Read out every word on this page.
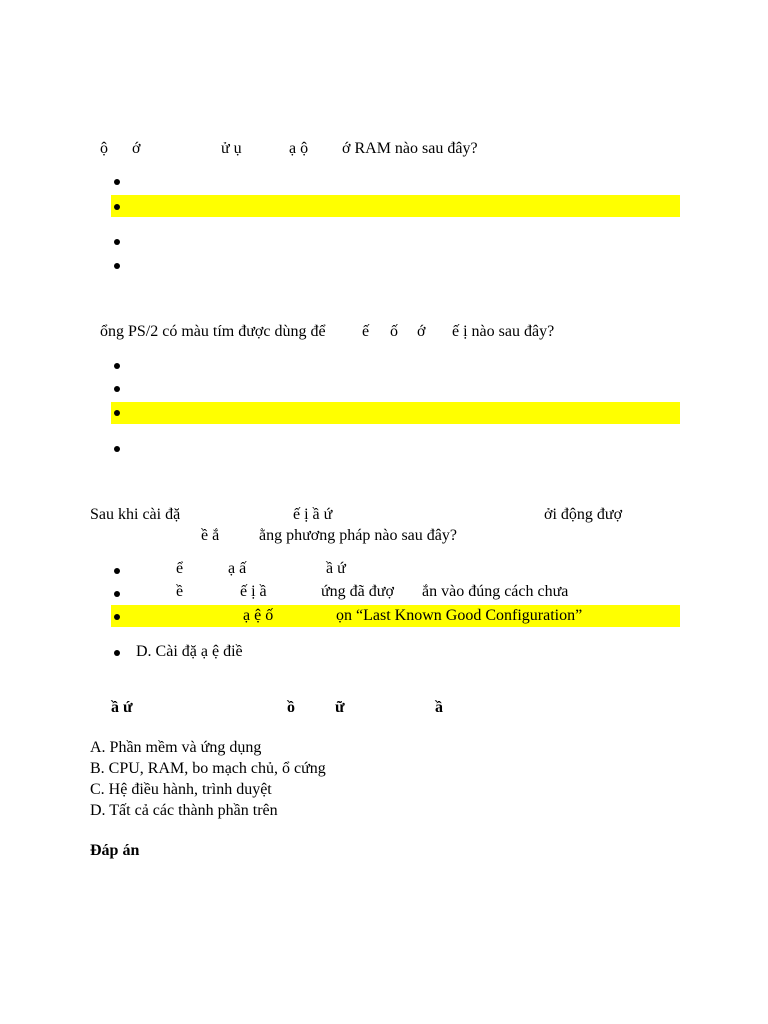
ộ ớ	ử ụ	ạ ộ ớ RAM nào sau đây?
ổng PS/2 có màu tím được dùng để ế ố ớ ế ị nào sau đây?
Sau khi cài đặ	ế ị ầ ứ	ởi động đượ
ề ắ ằng phương pháp nào sau đây?
ể	ạ ấ	ầ ứ
ề	ế ị ầ	ứng đã đượ ắn vào đúng cách chưa
ạ ệ ố	ọn “Last Known Good Configuration”
D. Cài đặ ạ ệ điề
ầ ứ	ồ	ữ	ầ
A. Phần mềm và ứng dụng
B. CPU, RAM, bo mạch chủ, ổ cứng
C. Hệ điều hành, trình duyệt
D. Tất cả các thành phần trên
Đáp án
